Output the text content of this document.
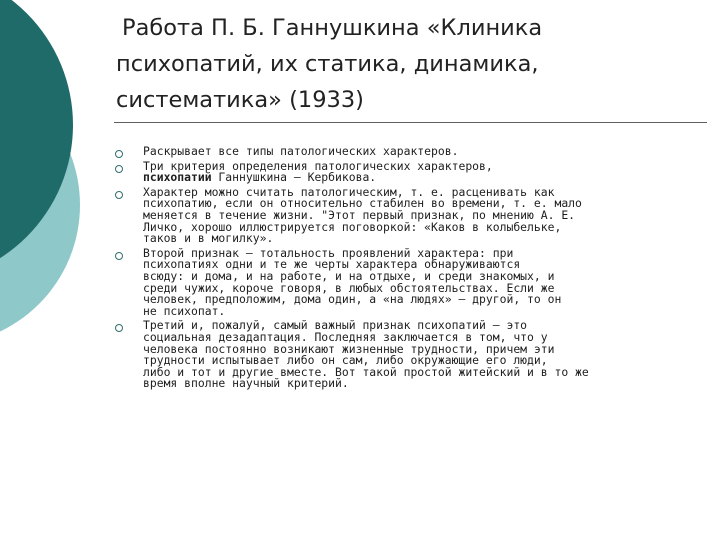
Работа П. Б. Ганнушкина «Клиника
психопатий, их статика, динамика,
систематика» (1933)
Раскрывает все типы патологических характеров.
Три критерия определения патологических характеров,
психопатий Ганнушкина — Кербикова.
Характер можно считать патологическим, т. е. расценивать как
психопатию, если он относительно стабилен во времени, т. е. мало
меняется в течение жизни. "Этот первый признак, по мнению А. Е.
Личко, хорошо иллюстрируется поговоркой: «Каков в колыбельке,
таков и в могилку».
Второй признак — тотальность проявлений характера: при
психопатиях одни и те же черты характера обнаруживаются
всюду: и дома, и на работе, и на отдыхе, и среди знакомых, и
среди чужих, короче говоря, в любых обстоятельствах. Если же
человек, предположим, дома один, а «на людях» — другой, то он
не психопат.
Третий и, пожалуй, самый важный признак психопатий — это
социальная дезадаптация. Последняя заключается в том, что у
человека постоянно возникают жизненные трудности, причем эти
трудности испытывает либо он сам, либо окружающие его люди,
либо и тот и другие вместе. Вот такой простой житейский и в то же
время вполне научный критерий.
